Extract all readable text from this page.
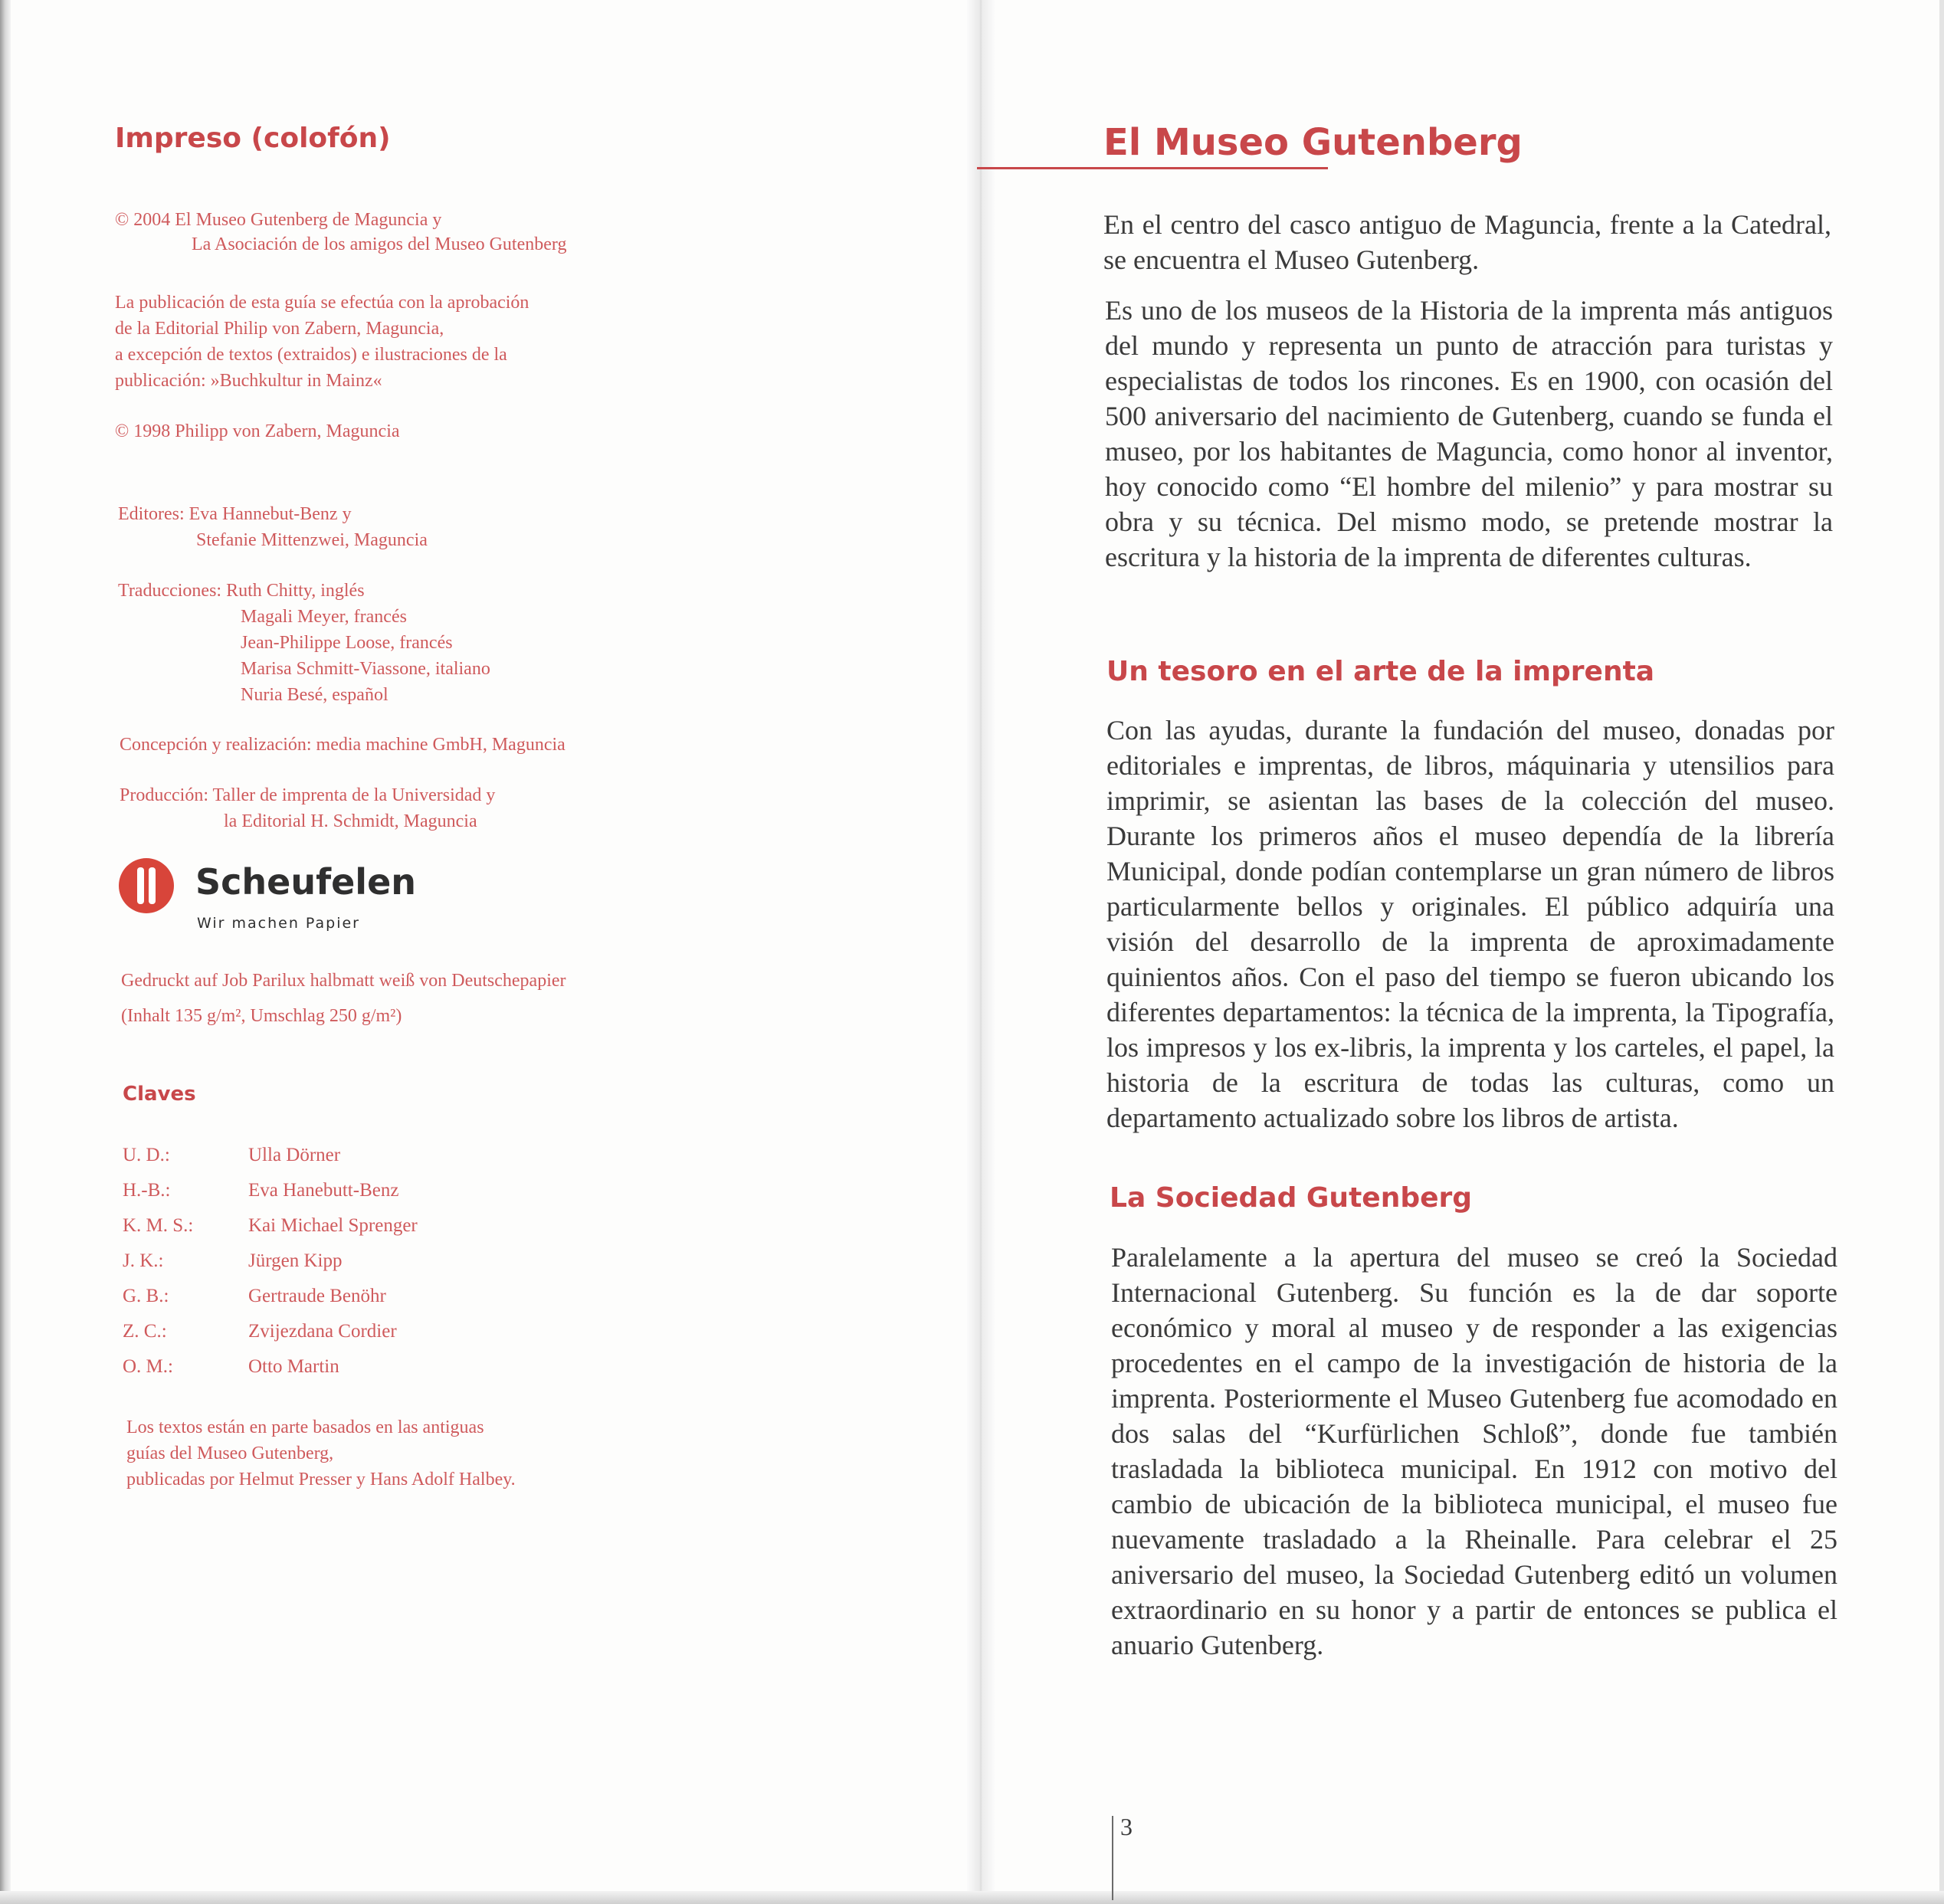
Impreso (colofón)
© 2004 El Museo Gutenberg de Maguncia y
La Asociación de los amigos del Museo Gutenberg
La publicación de esta guía se efectúa con la aprobación
de la Editorial Philip von Zabern, Maguncia,
a excepción de textos (extraidos) e ilustraciones de la
publicación: »Buchkultur in Mainz«
© 1998 Philipp von Zabern, Maguncia
Editores: Eva Hannebut-Benz y
Stefanie Mittenzwei, Maguncia
Traducciones: Ruth Chitty, inglés
Magali Meyer, francés
Jean-Philippe Loose, francés
Marisa Schmitt-Viassone, italiano
Nuria Besé, español
Concepción y realización: media machine GmbH, Maguncia
Producción: Taller de imprenta de la Universidad y
la Editorial H. Schmidt, Maguncia
Scheufelen
Wir machen Papier
Gedruckt auf Job Parilux halbmatt weiß von Deutschepapier
(Inhalt 135 g/m², Umschlag 250 g/m²)
Claves
U. D.:	Ulla Dörner
H.-B.:	Eva Hanebutt-Benz
K. M. S.:	Kai Michael Sprenger
J. K.:	Jürgen Kipp
G. B.:	Gertraude Benöhr
Z. C.:	Zvijezdana Cordier
O. M.:	Otto Martin
Los textos están en parte basados en las antiguas
guías del Museo Gutenberg,
publicadas por Helmut Presser y Hans Adolf Halbey.
El Museo Gutenberg

En el centro del casco antiguo de Maguncia, frente a la Catedral, se encuentra el Museo Gutenberg.

Es uno de los museos de la Historia de la imprenta más antiguos del mundo y representa un punto de atracción para turistas y especialistas de todos los rincones. Es en 1900, con ocasión del 500 aniversario del nacimiento de Gutenberg, cuando se funda el museo, por los habitantes de Maguncia, como honor al inventor, hoy conocido como “El hombre del milenio” y para mostrar su obra y su técnica. Del mismo modo, se pretende mostrar la escritura y la historia de la imprenta de diferentes culturas.

Un tesoro en el arte de la imprenta

Con las ayudas, durante la fundación del museo, donadas por editoriales e imprentas, de libros, máquinaria y utensilios para imprimir, se asientan las bases de la colección del museo. Durante los primeros años el museo dependía de la librería Municipal, donde podían contemplarse un gran número de libros particularmente bellos y originales. El público adquiría una visión del desarrollo de la imprenta de aproximadamente quinientos años. Con el paso del tiempo se fueron ubicando los diferentes departamentos: la técnica de la imprenta, la Tipografía, los impresos y los ex-libris, la imprenta y los carteles, el papel, la historia de la escritura de todas las culturas, como un departamento actualizado sobre los libros de artista.

La Sociedad Gutenberg

Paralelamente a la apertura del museo se creó la Sociedad Internacional Gutenberg. Su función es la de dar soporte económico y moral al museo y de responder a las exigencias procedentes en el campo de la investigación de historia de la imprenta. Posteriormente el Museo Gutenberg fue acomodado en dos salas del “Kurfürlichen Schloß”, donde fue también trasladada la biblioteca municipal. En 1912 con motivo del cambio de ubicación de la biblioteca municipal, el museo fue nuevamente trasladado a la Rheinalle. Para celebrar el 25 aniversario del museo, la Sociedad Gutenberg editó un volumen extraordinario en su honor y a partir de entonces se publica el anuario Gutenberg.

3
